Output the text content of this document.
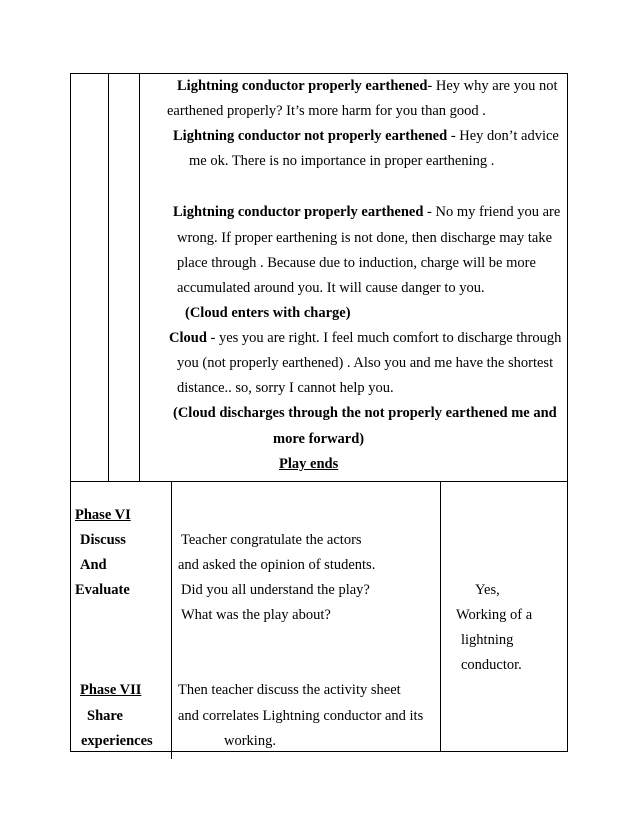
Lightning conductor properly earthened- Hey why are you not
earthened properly? It’s more harm for you than good .
Lightning conductor not properly earthened - Hey don’t advice
me ok. There is no importance in proper earthening .
Lightning conductor properly earthened - No my friend you are
wrong. If proper earthening is not done, then discharge may take
place through . Because due to induction, charge will be more
accumulated around you. It will cause danger to you.
(Cloud enters with charge)
Cloud - yes you are right. I feel much comfort to discharge through
you (not properly earthened) . Also you and me have the shortest
distance.. so, sorry I cannot help you.
(Cloud discharges through the not properly earthened me and
more forward)
Play ends
Phase VI
Discuss
And
Evaluate
Teacher congratulate the actors
and asked the opinion of students.
Did you all understand the play?
What was the play about?
Yes,
Working of a
lightning
conductor.
Phase VII
Share
experiences
Then teacher discuss the activity sheet
and correlates Lightning conductor and its
working.
